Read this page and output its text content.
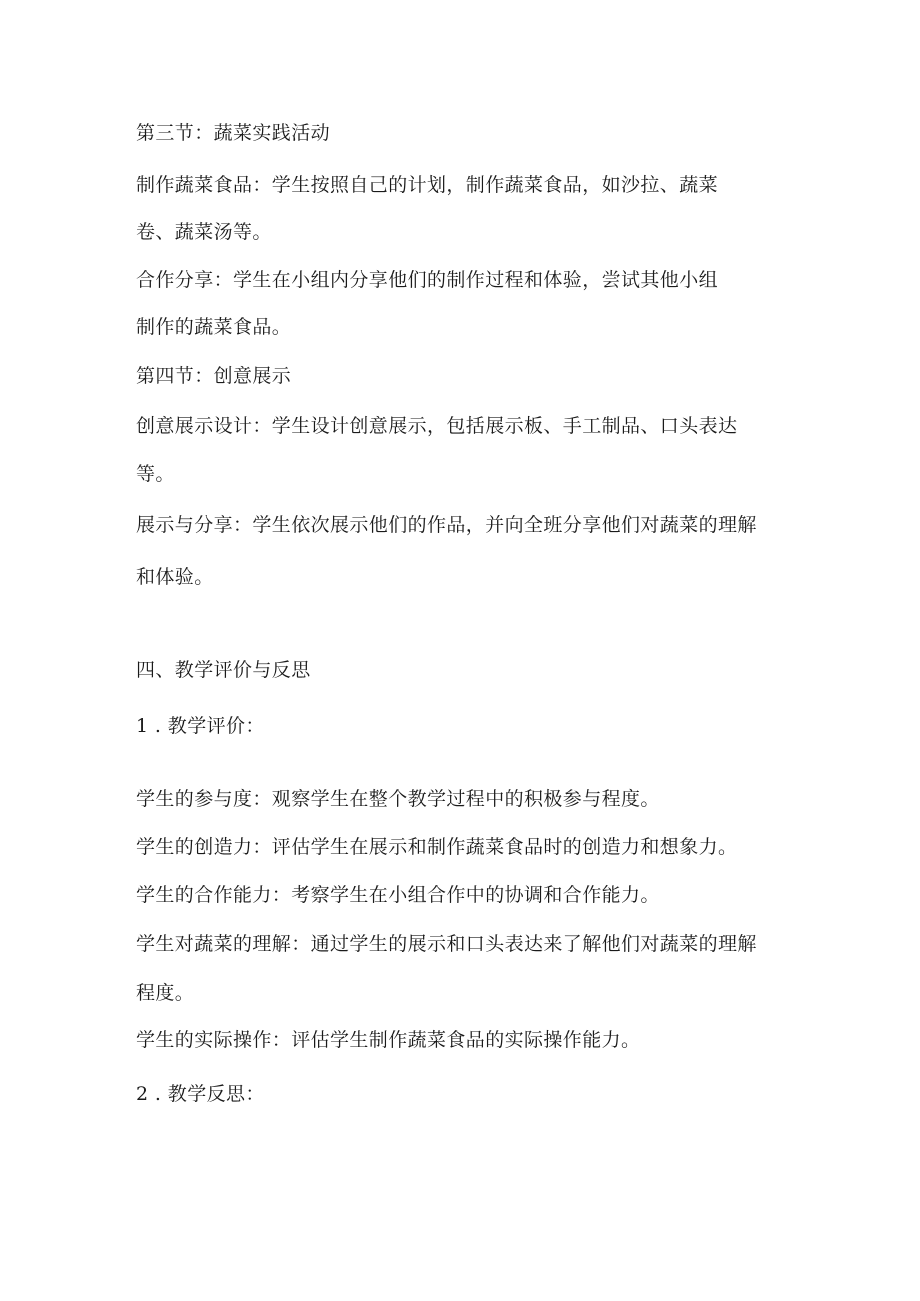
第三节：蔬菜实践活动
制作蔬菜食品：学生按照自己的计划，制作蔬菜食品，如沙拉、蔬菜
卷、蔬菜汤等。
合作分享：学生在小组内分享他们的制作过程和体验，尝试其他小组
制作的蔬菜食品。
第四节：创意展示
创意展示设计：学生设计创意展示，包括展示板、手工制品、口头表达
等。
展示与分享：学生依次展示他们的作品，并向全班分享他们对蔬菜的理解
和体验。
四、教学评价与反思
1 . 教学评价：
学生的参与度：观察学生在整个教学过程中的积极参与程度。
学生的创造力：评估学生在展示和制作蔬菜食品时的创造力和想象力。
学生的合作能力：考察学生在小组合作中的协调和合作能力。
学生对蔬菜的理解：通过学生的展示和口头表达来了解他们对蔬菜的理解
程度。
学生的实际操作：评估学生制作蔬菜食品的实际操作能力。
2 . 教学反思：
